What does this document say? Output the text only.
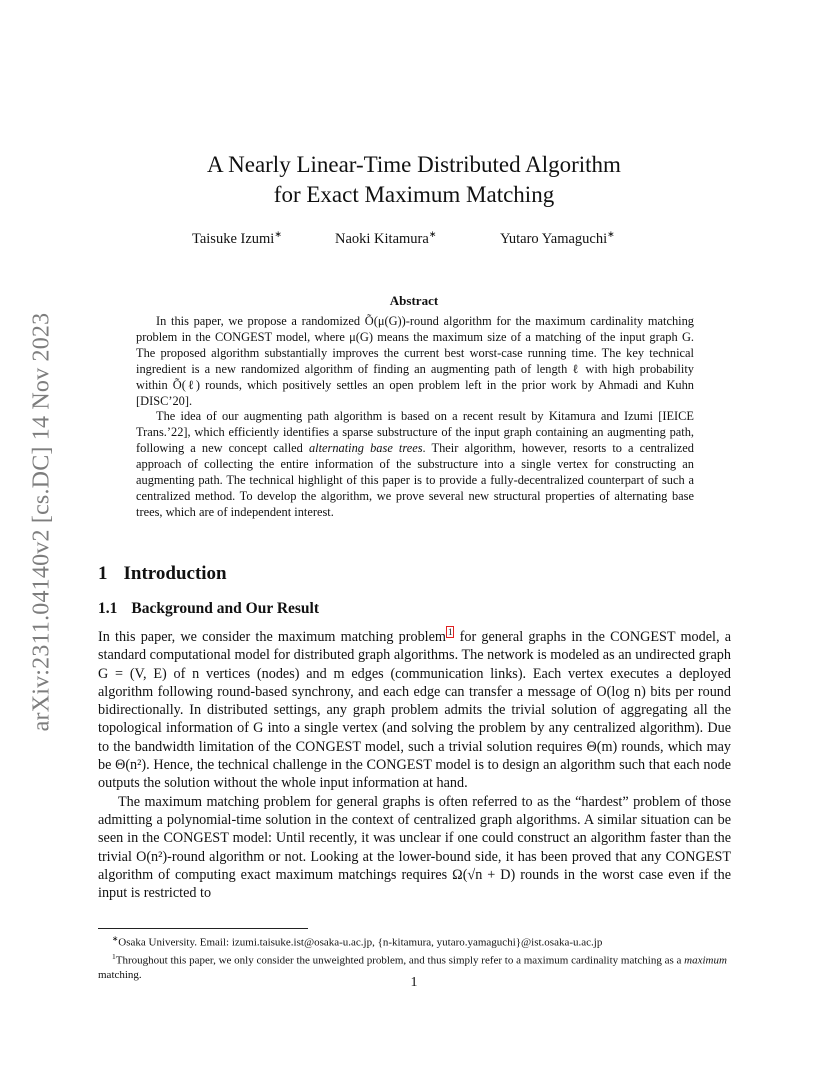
arXiv:2311.04140v2 [cs.DC] 14 Nov 2023
A Nearly Linear-Time Distributed Algorithm
for Exact Maximum Matching
Taisuke Izumi∗	Naoki Kitamura∗	Yutaro Yamaguchi∗
Abstract

In this paper, we propose a randomized Õ(μ(G))-round algorithm for the maximum cardinality matching problem in the CONGEST model, where μ(G) means the maximum size of a matching of the input graph G. The proposed algorithm substantially improves the current best worst-case running time. The key technical ingredient is a new randomized algorithm of finding an augmenting path of length ℓ with high probability within Õ(ℓ) rounds, which positively settles an open problem left in the prior work by Ahmadi and Kuhn [DISC’20].

The idea of our augmenting path algorithm is based on a recent result by Kitamura and Izumi [IEICE Trans.’22], which efficiently identifies a sparse substructure of the input graph containing an augmenting path, following a new concept called alternating base trees. Their algorithm, however, resorts to a centralized approach of collecting the entire information of the substructure into a single vertex for constructing an augmenting path. The technical highlight of this paper is to provide a fully-decentralized counterpart of such a centralized method. To develop the algorithm, we prove several new structural properties of alternating base trees, which are of independent interest.

1 Introduction
1.1 Background and Our Result

In this paper, we consider the maximum matching problem $^1$ for general graphs in the CONGEST model, a standard computational model for distributed graph algorithms. The network is modeled as an undirected graph G = (V, E) of n vertices (nodes) and m edges (communication links). Each vertex executes a deployed algorithm following round-based synchrony, and each edge can transfer a message of O(log n) bits per round bidirectionally. In distributed settings, any graph problem admits the trivial solution of aggregating all the topological information of G into a single vertex (and solving the problem by any centralized algorithm). Due to the bandwidth limitation of the CONGEST model, such a trivial solution requires Θ(m) rounds, which may be Θ(n²). Hence, the technical challenge in the CONGEST model is to design an algorithm such that each node outputs the solution without the whole input information at hand.

The maximum matching problem for general graphs is often referred to as the “hardest” problem of those admitting a polynomial-time solution in the context of centralized graph algorithms. A similar situation can be seen in the CONGEST model: Until recently, it was unclear if one could construct an algorithm faster than the trivial O(n²)-round algorithm or not. Looking at the lower-bound side, it has been proved that any CONGEST algorithm of computing exact maximum matchings requires Ω(√n + D) rounds in the worst case even if the input is restricted to

∗Osaka University. Email: izumi.taisuke.ist@osaka-u.ac.jp, {n-kitamura, yutaro.yamaguchi}@ist.osaka-u.ac.jp

$^1$Throughout this paper, we only consider the unweighted problem, and thus simply refer to a maximum cardinality matching as a maximum matching.	1
